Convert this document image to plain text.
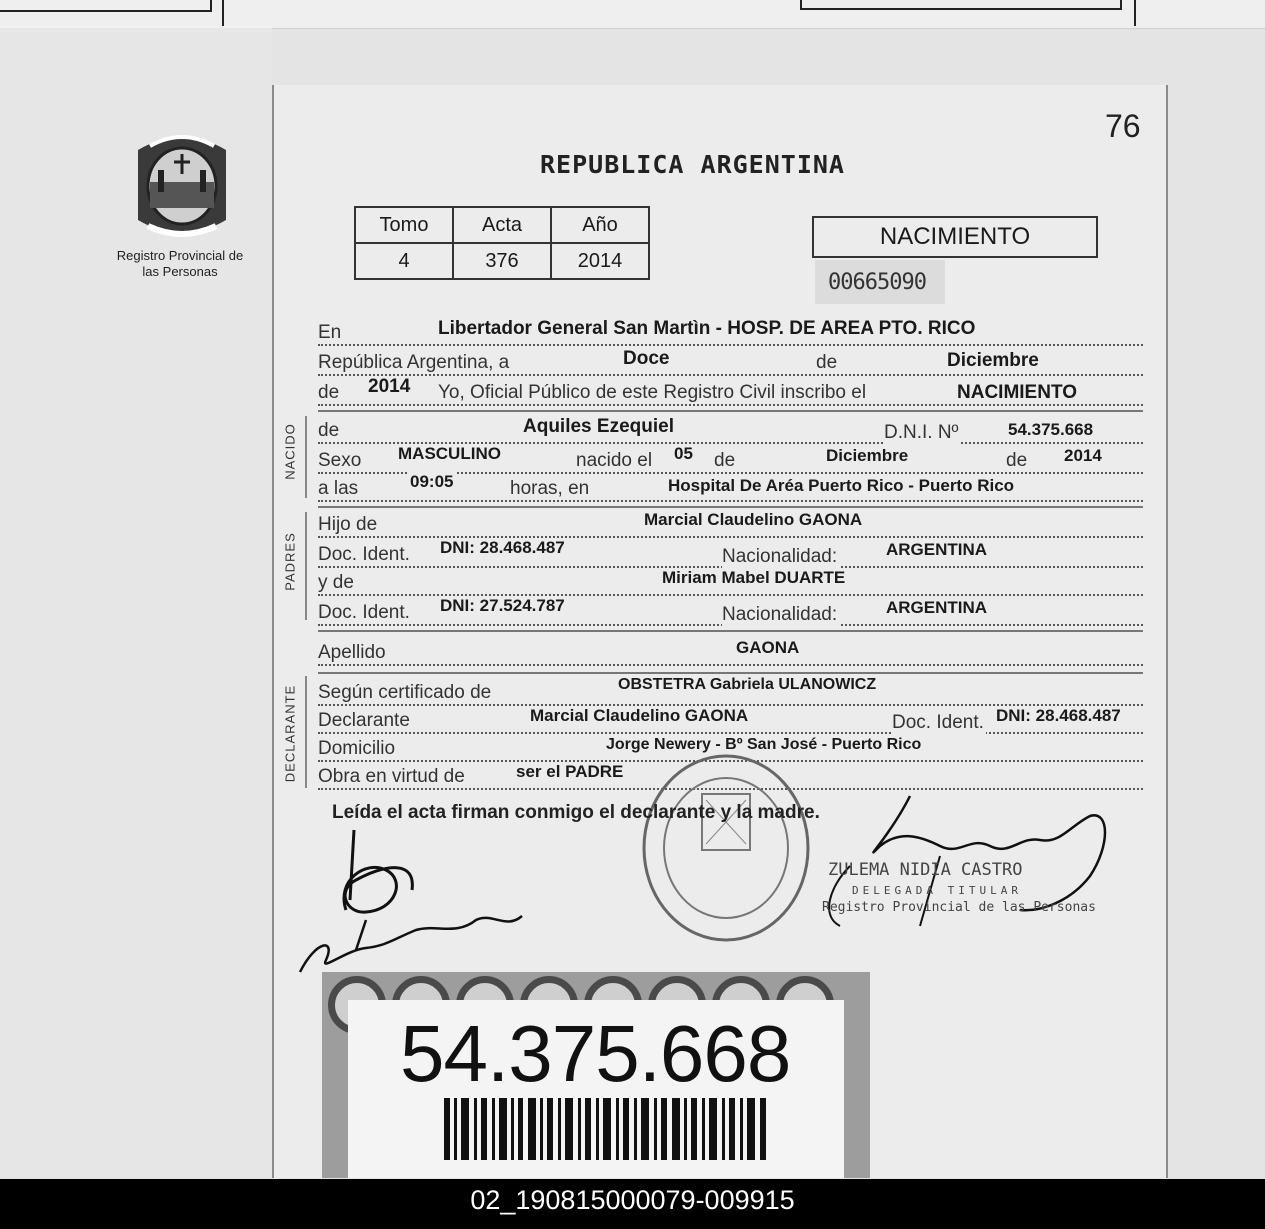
76
REPUBLICA ARGENTINA
Registro Provincial de las Personas
Tomo	Acta	Año
4	376	2014
NACIMIENTO
00665090
En	Libertador General San Martìn - HOSP. DE AREA PTO. RICO
República Argentina, a	Doce	de	Diciembre
de 2014 Yo, Oficial Público de este Registro Civil inscribo el	NACIMIENTO
NACIDO de	Aquiles Ezequiel	D.N.I. Nº	54.375.668
Sexo MASCULINO	nacido el 05 de	Diciembre	de 2014
a las	09:05	horas, en	Hospital De Aréa Puerto Rico - Puerto Rico
PADRES
Hijo de	Marcial Claudelino GAONA
Doc. Ident. DNI: 28.468.487	Nacionalidad:	ARGENTINA
y de	Miriam Mabel DUARTE
Doc. Ident. DNI: 27.524.787	Nacionalidad:	ARGENTINA
Apellido	GAONA
DECLARANTE Según certificado de	OBSTETRA Gabriela ULANOWICZ
Declarante	Marcial Claudelino GAONA	Doc. Ident. DNI: 28.468.487
Domicilio	Jorge Newery - Bº San José - Puerto Rico
Obra en virtud de	ser el PADRE
Leída el acta firman conmigo el declarante y la madre.
ZULEMA NIDIA CASTRO
DELEGADA TITULAR
Registro Provincial de las Personas
54.375.668
02_190815000079-009915
